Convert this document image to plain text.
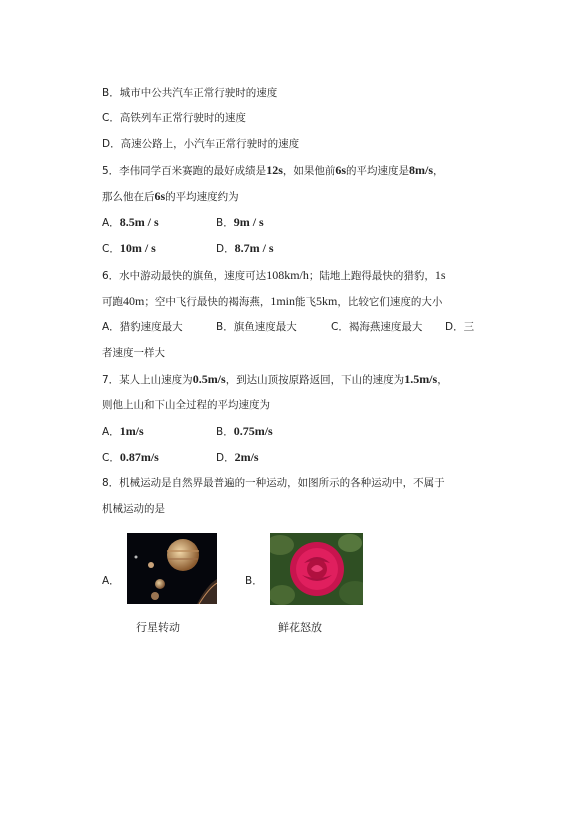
B．城市中公共汽车正常行驶时的速度
C．高铁列车正常行驶时的速度
D．高速公路上，小汽车正常行驶时的速度
5．李伟同学百米赛跑的最好成绩是12s，如果他前6s的平均速度是8m/s，
那么他在后6s的平均速度约为
A．8.5m / s	B．9m / s
C．10m / s	D．8.7m / s
6．水中游动最快的旗鱼，速度可达108km/h；陆地上跑得最快的猎豹，1s
可跑40m；空中飞行最快的褐海燕，1min能飞5km，比较它们速度的大小
A．猎豹速度最大	B．旗鱼速度最大	C．褐海燕速度最大 D．三
者速度一样大
7．某人上山速度为0.5m/s，到达山顶按原路返回，下山的速度为1.5m/s，
则他上山和下山全过程的平均速度为
A．1m/s	B．0.75m/s
C．0.87m/s	D．2m/s
8．机械运动是自然界最普遍的一种运动，如图所示的各种运动中，不属于
机械运动的是
A．
行星转动
B．
鲜花怒放
